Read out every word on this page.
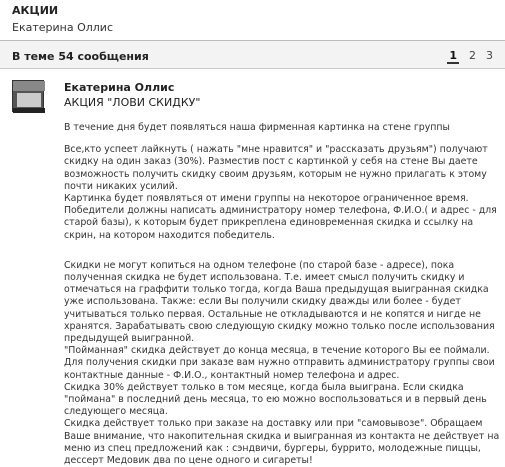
АКЦИИ
Екатерина Оллис
В теме 54 сообщения	1 2 3
Екатерина Оллис
АКЦИЯ "ЛОВИ СКИДКУ"

В течение дня будет появляться наша фирменная картинка на стене группы

Все,кто успеет лайкнуть ( нажать "мне нравится" и "рассказать друзьям") получают скидку на один заказ (30%). Разместив пост с картинкой у себя на стене Вы даете возможность получить скидку своим друзьям, которым не нужно прилагать к этому почти никаких усилий.

Картинка будет появляться от имени группы на некоторое ограниченное время. Победители должны написать администратору номер телефона, Ф.И.О.( и адрес - для старой базы), к которым будет прикреплена единовременная скидка и ссылку на скрин, на котором находится победитель.

Скидки не могут копиться на одном телефоне (по старой базе - адресе), пока полученная скидка не будет использована. Т.е. имеет смысл получить скидку и отмечаться на граффити только тогда, когда Ваша предыдущая выигранная скидка уже использована. Также: если Вы получили скидку дважды или более - будет учитываться только первая. Остальные не откладываются и не копятся и нигде не хранятся. Зарабатывать свою следующую скидку можно только после использования предыдущей выигранной.

"Пойманная" скидка действует до конца месяца, в течение которого Вы ее поймали.

Для получения скидки при заказе вам нужно отправить администратору группы свои контактные данные - Ф.И.О., контактный номер телефона и адрес.

Скидка 30% действует только в том месяце, когда была выиграна. Если скидка "поймана" в последний день месяца, то ею можно воспользоваться и в первый день следующего месяца.

Скидка действует только при заказе на доставку или при "самовывозе". Обращаем Ваше внимание, что накопительная скидка и выигранная из контакта не действует на меню из спец предложений как : сэндвичи, бургеры, буррито, молодежные пиццы, дессерт Медовик два по цене одного и сигареты!
